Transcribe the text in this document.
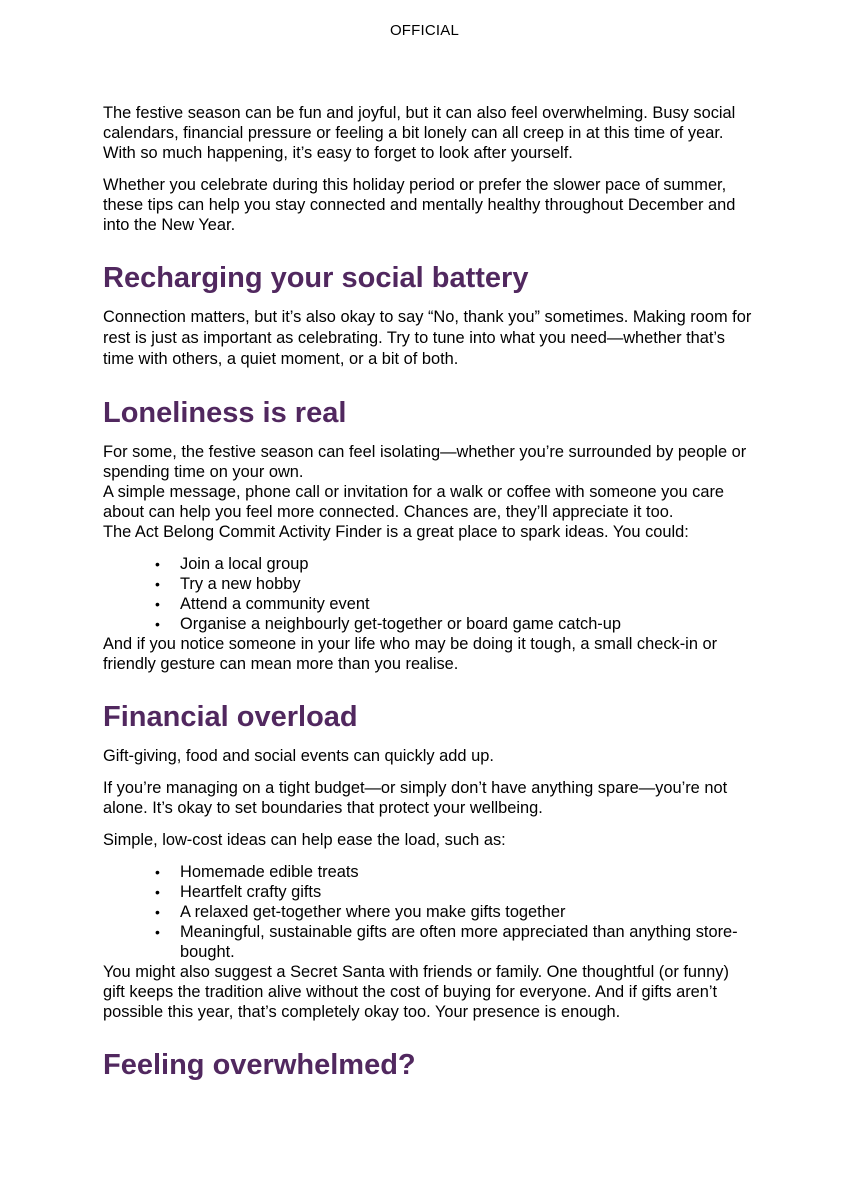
OFFICIAL

The festive season can be fun and joyful, but it can also feel overwhelming. Busy social calendars, financial pressure or feeling a bit lonely can all creep in at this time of year. With so much happening, it’s easy to forget to look after yourself.

Whether you celebrate during this holiday period or prefer the slower pace of summer, these tips can help you stay connected and mentally healthy throughout December and into the New Year.

Recharging your social battery

Connection matters, but it’s also okay to say “No, thank you” sometimes. Making room for rest is just as important as celebrating. Try to tune into what you need—whether that’s time with others, a quiet moment, or a bit of both.

Loneliness is real

For some, the festive season can feel isolating—whether you’re surrounded by people or spending time on your own.

A simple message, phone call or invitation for a walk or coffee with someone you care about can help you feel more connected. Chances are, they’ll appreciate it too.

The Act Belong Commit Activity Finder is a great place to spark ideas. You could:

• Join a local group
• Try a new hobby
• Attend a community event
• Organise a neighbourly get-together or board game catch-up

And if you notice someone in your life who may be doing it tough, a small check-in or friendly gesture can mean more than you realise.

Financial overload

Gift-giving, food and social events can quickly add up.

If you’re managing on a tight budget—or simply don’t have anything spare—you’re not alone. It’s okay to set boundaries that protect your wellbeing.

Simple, low-cost ideas can help ease the load, such as:

• Homemade edible treats
• Heartfelt crafty gifts
• A relaxed get-together where you make gifts together
• Meaningful, sustainable gifts are often more appreciated than anything store-bought.

You might also suggest a Secret Santa with friends or family. One thoughtful (or funny) gift keeps the tradition alive without the cost of buying for everyone. And if gifts aren’t possible this year, that’s completely okay too. Your presence is enough.

Feeling overwhelmed?
